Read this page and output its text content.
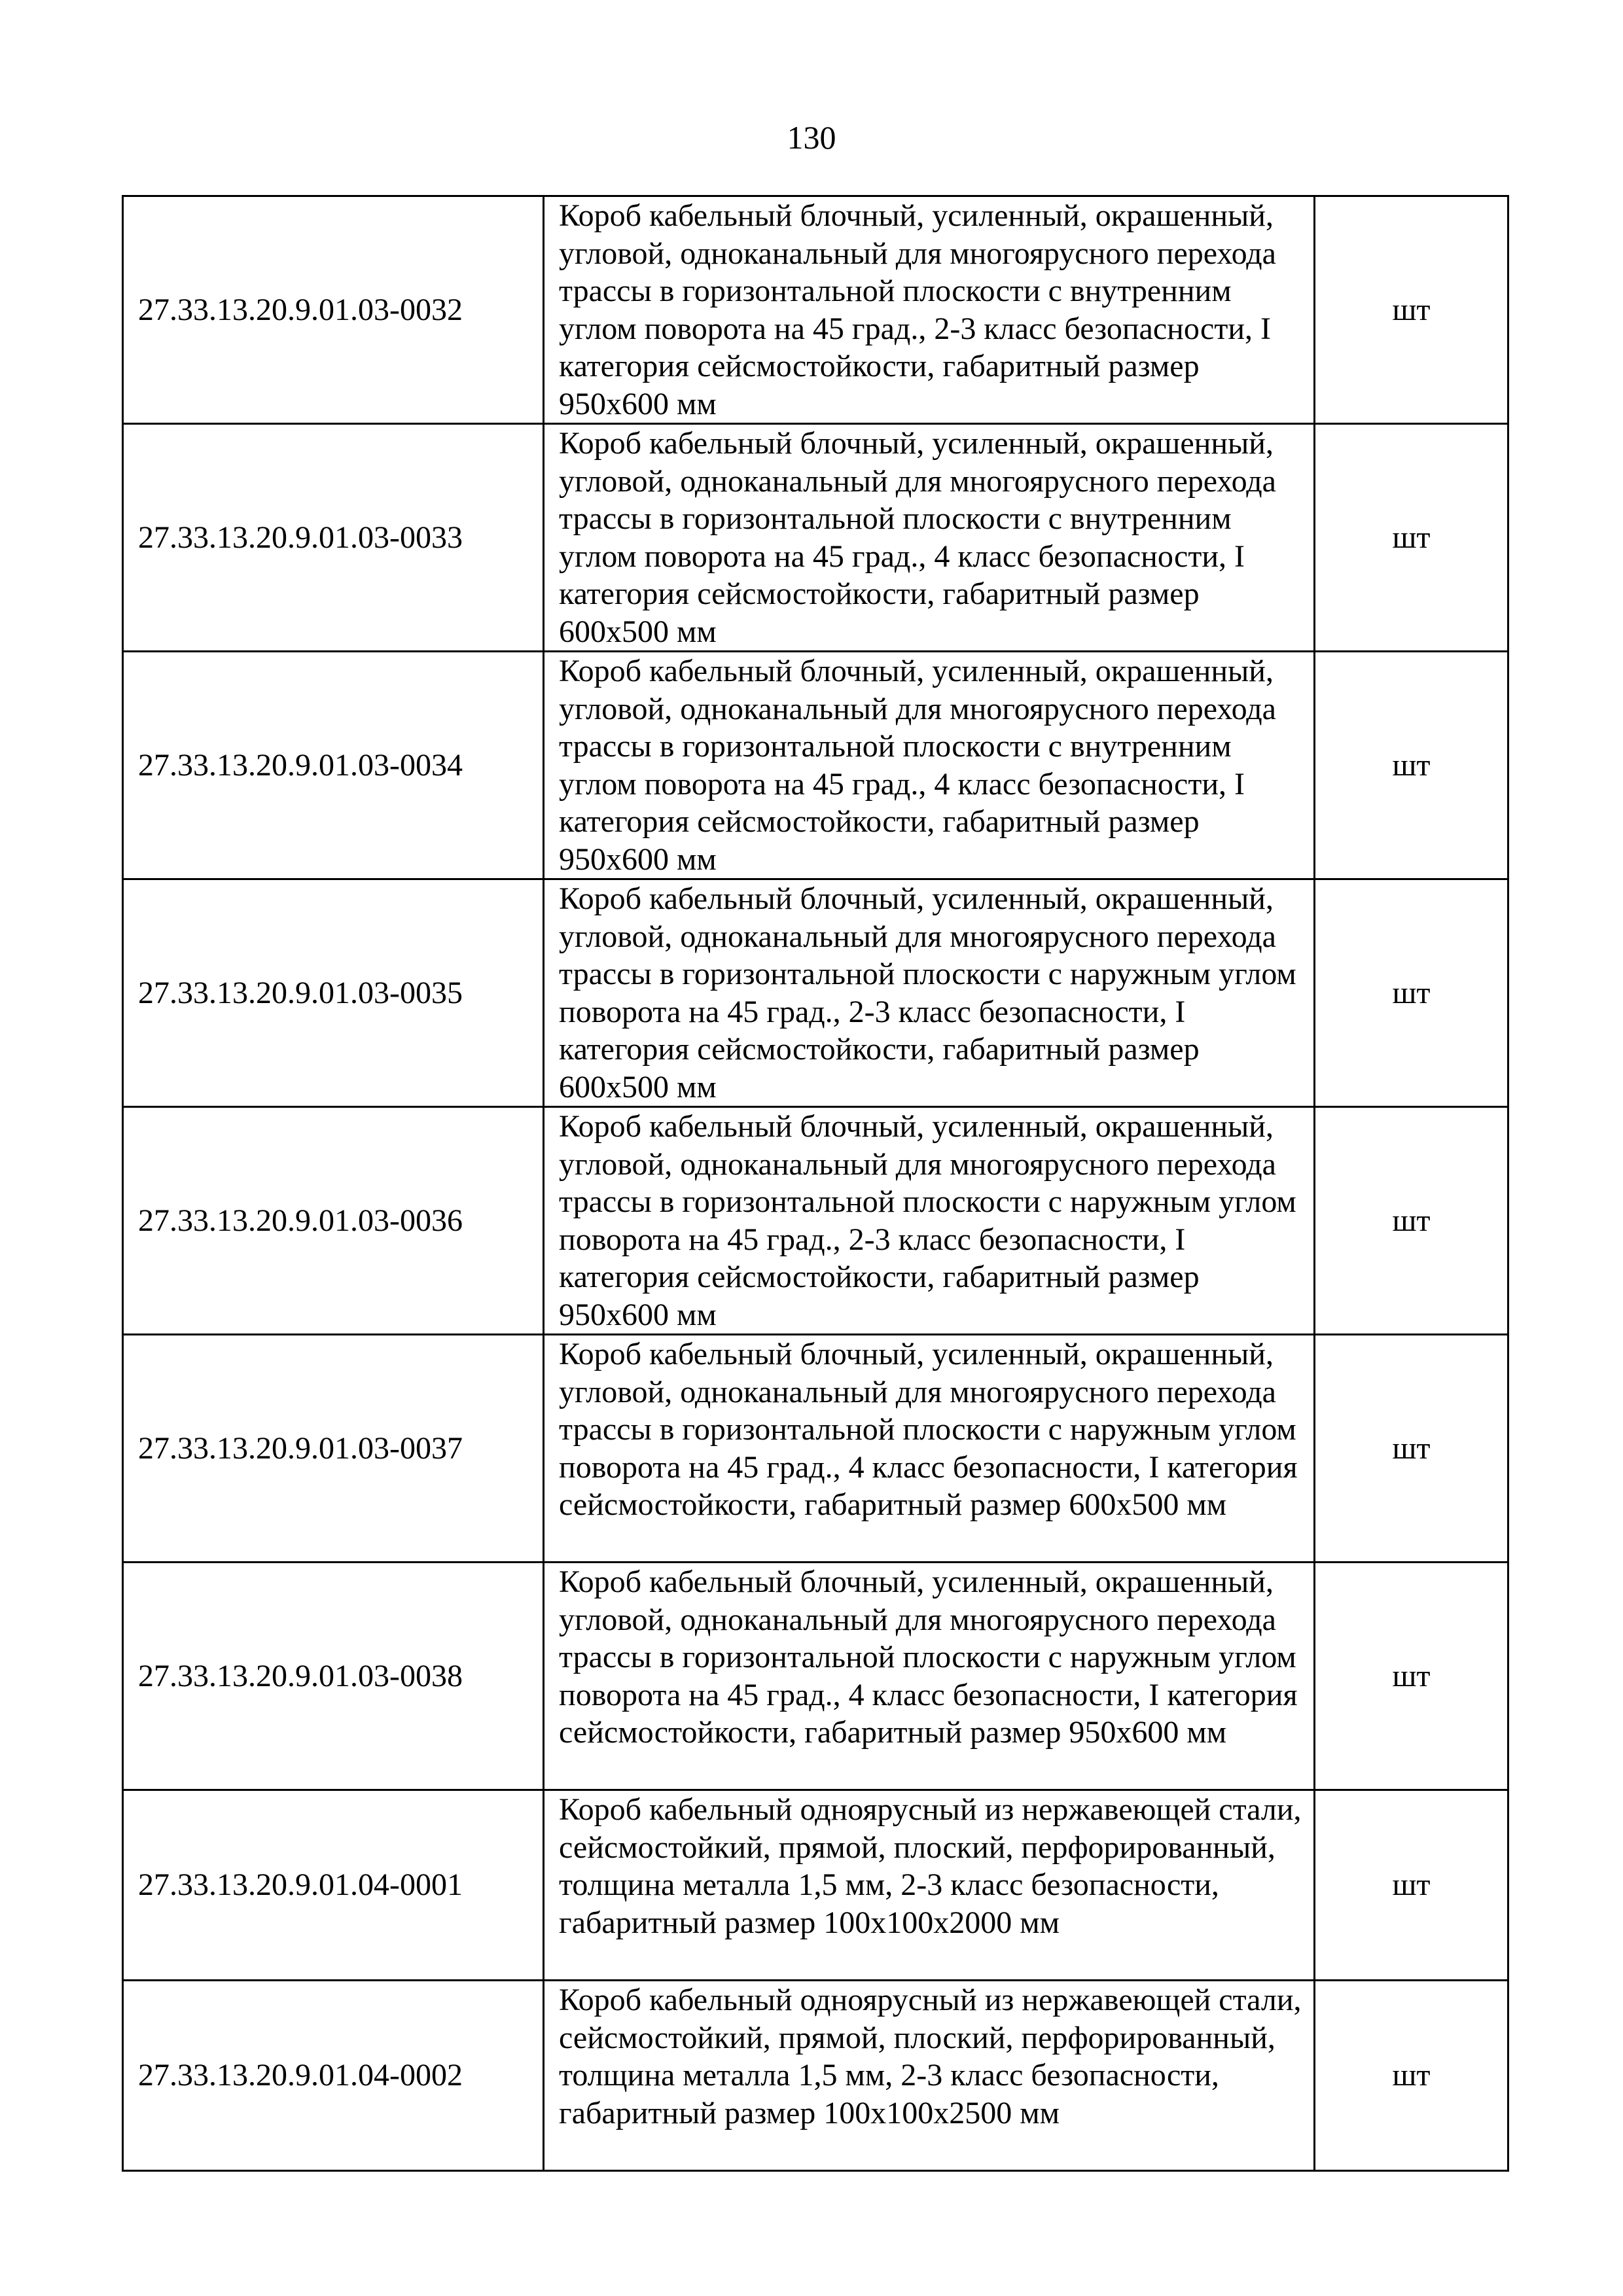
130
27.33.13.20.9.01.03-0032	Короб кабельный блочный, усиленный, окрашенный, угловой, одноканальный для многоярусного перехода трассы в горизонтальной плоскости с внутренним углом поворота на 45 град., 2-3 класс безопасности, I категория сейсмостойкости, габаритный размер 950х600 мм	шт
27.33.13.20.9.01.03-0033	Короб кабельный блочный, усиленный, окрашенный, угловой, одноканальный для многоярусного перехода трассы в горизонтальной плоскости с внутренним углом поворота на 45 град., 4 класс безопасности, I категория сейсмостойкости, габаритный размер 600х500 мм	шт
27.33.13.20.9.01.03-0034	Короб кабельный блочный, усиленный, окрашенный, угловой, одноканальный для многоярусного перехода трассы в горизонтальной плоскости с внутренним углом поворота на 45 град., 4 класс безопасности, I категория сейсмостойкости, габаритный размер 950х600 мм	шт
27.33.13.20.9.01.03-0035	Короб кабельный блочный, усиленный, окрашенный, угловой, одноканальный для многоярусного перехода трассы в горизонтальной плоскости с наружным углом поворота на 45 град., 2-3 класс безопасности, I категория сейсмостойкости, габаритный размер 600х500 мм	шт
27.33.13.20.9.01.03-0036	Короб кабельный блочный, усиленный, окрашенный, угловой, одноканальный для многоярусного перехода трассы в горизонтальной плоскости с наружным углом поворота на 45 град., 2-3 класс безопасности, I категория сейсмостойкости, габаритный размер 950х600 мм	шт
27.33.13.20.9.01.03-0037	Короб кабельный блочный, усиленный, окрашенный, угловой, одноканальный для многоярусного перехода трассы в горизонтальной плоскости с наружным углом поворота на 45 град., 4 класс безопасности, I категория сейсмостойкости, габаритный размер 600х500 мм	шт
27.33.13.20.9.01.03-0038	Короб кабельный блочный, усиленный, окрашенный, угловой, одноканальный для многоярусного перехода трассы в горизонтальной плоскости с наружным углом поворота на 45 град., 4 класс безопасности, I категория сейсмостойкости, габаритный размер 950х600 мм	шт
27.33.13.20.9.01.04-0001	Короб кабельный одноярусный из нержавеющей стали, сейсмостойкий, прямой, плоский, перфорированный, толщина металла 1,5 мм, 2-3 класс безопасности, габаритный размер 100х100х2000 мм	шт
27.33.13.20.9.01.04-0002	Короб кабельный одноярусный из нержавеющей стали, сейсмостойкий, прямой, плоский, перфорированный, толщина металла 1,5 мм, 2-3 класс безопасности, габаритный размер 100х100х2500 мм	шт
